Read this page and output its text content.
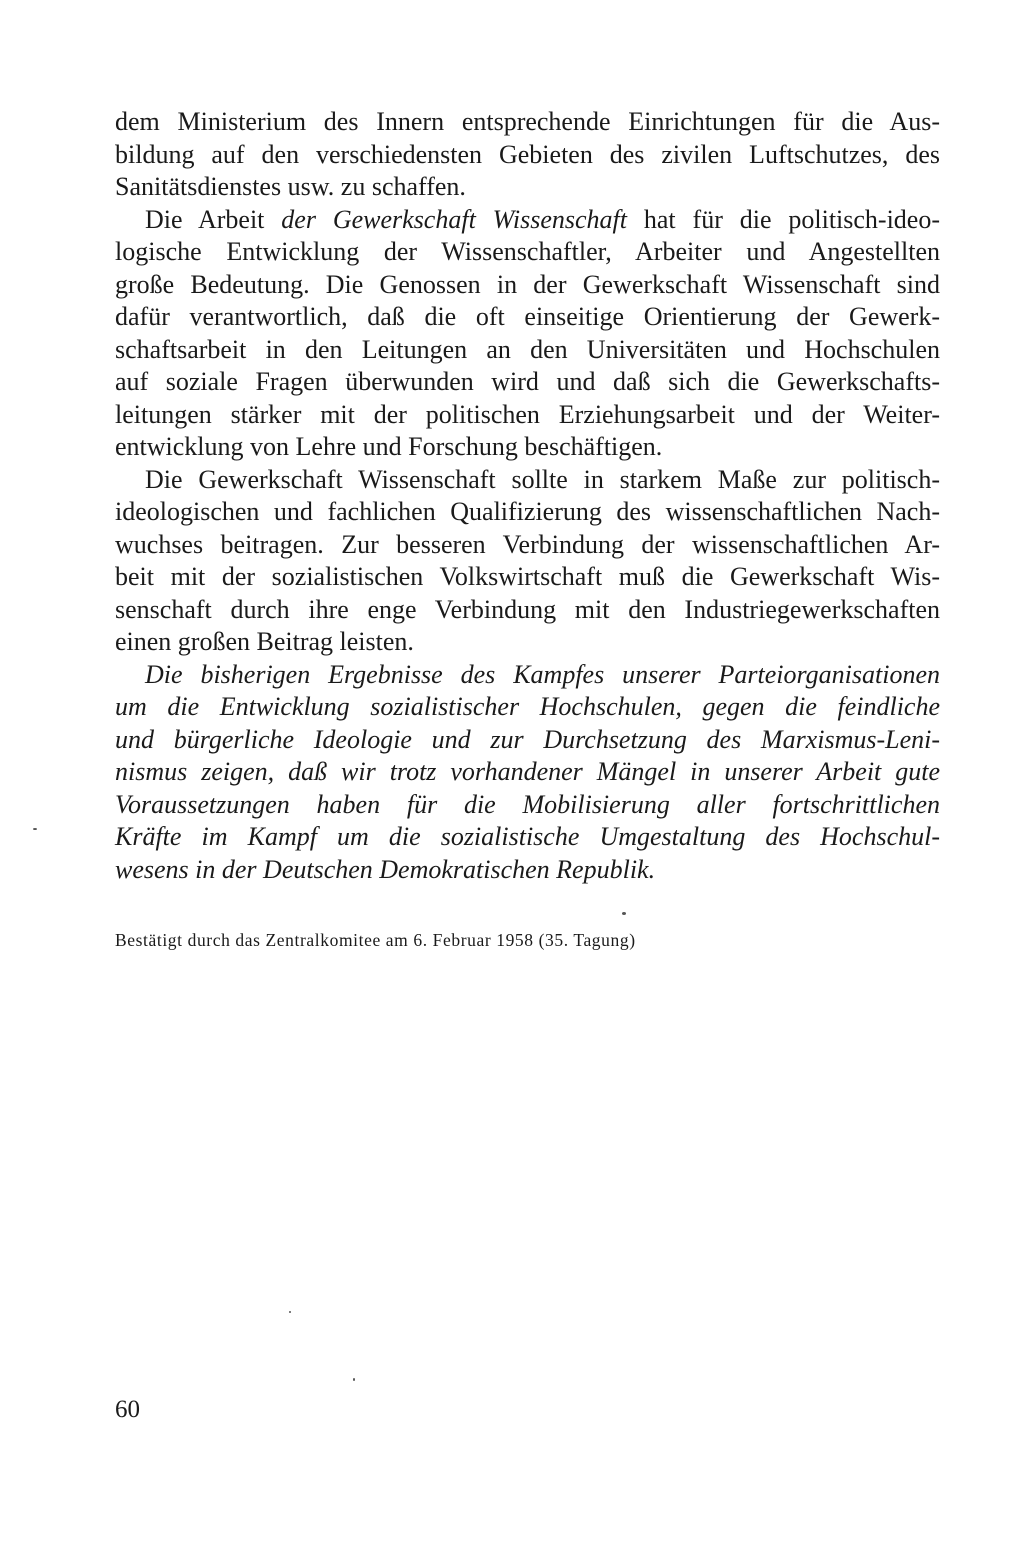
dem Ministerium des Innern entsprechende Einrichtungen für die Aus-
bildung auf den verschiedensten Gebieten des zivilen Luftschutzes, des
Sanitätsdienstes usw. zu schaffen.
Die Arbeit der Gewerkschaft Wissenschaft hat für die politisch-ideo-
logische Entwicklung der Wissenschaftler, Arbeiter und Angestellten
große Bedeutung. Die Genossen in der Gewerkschaft Wissenschaft sind
dafür verantwortlich, daß die oft einseitige Orientierung der Gewerk-
schaftsarbeit in den Leitungen an den Universitäten und Hochschulen
auf soziale Fragen überwunden wird und daß sich die Gewerkschafts-
leitungen stärker mit der politischen Erziehungsarbeit und der Weiter-
entwicklung von Lehre und Forschung beschäftigen.
Die Gewerkschaft Wissenschaft sollte in starkem Maße zur politisch-
ideologischen und fachlichen Qualifizierung des wissenschaftlichen Nach-
wuchses beitragen. Zur besseren Verbindung der wissenschaftlichen Ar-
beit mit der sozialistischen Volkswirtschaft muß die Gewerkschaft Wis-
senschaft durch ihre enge Verbindung mit den Industriegewerkschaften
einen großen Beitrag leisten.
Die bisherigen Ergebnisse des Kampfes unserer Parteiorganisationen
um die Entwicklung sozialistischer Hochschulen, gegen die feindliche
und bürgerliche Ideologie und zur Durchsetzung des Marxismus-Leni-
nismus zeigen, daß wir trotz vorhandener Mängel in unserer Arbeit gute
Voraussetzungen haben für die Mobilisierung aller fortschrittlichen
Kräfte im Kampf um die sozialistische Umgestaltung des Hochschul-
wesens in der Deutschen Demokratischen Republik.
Bestätigt durch das Zentralkomitee am 6. Februar 1958 (35. Tagung)
60
